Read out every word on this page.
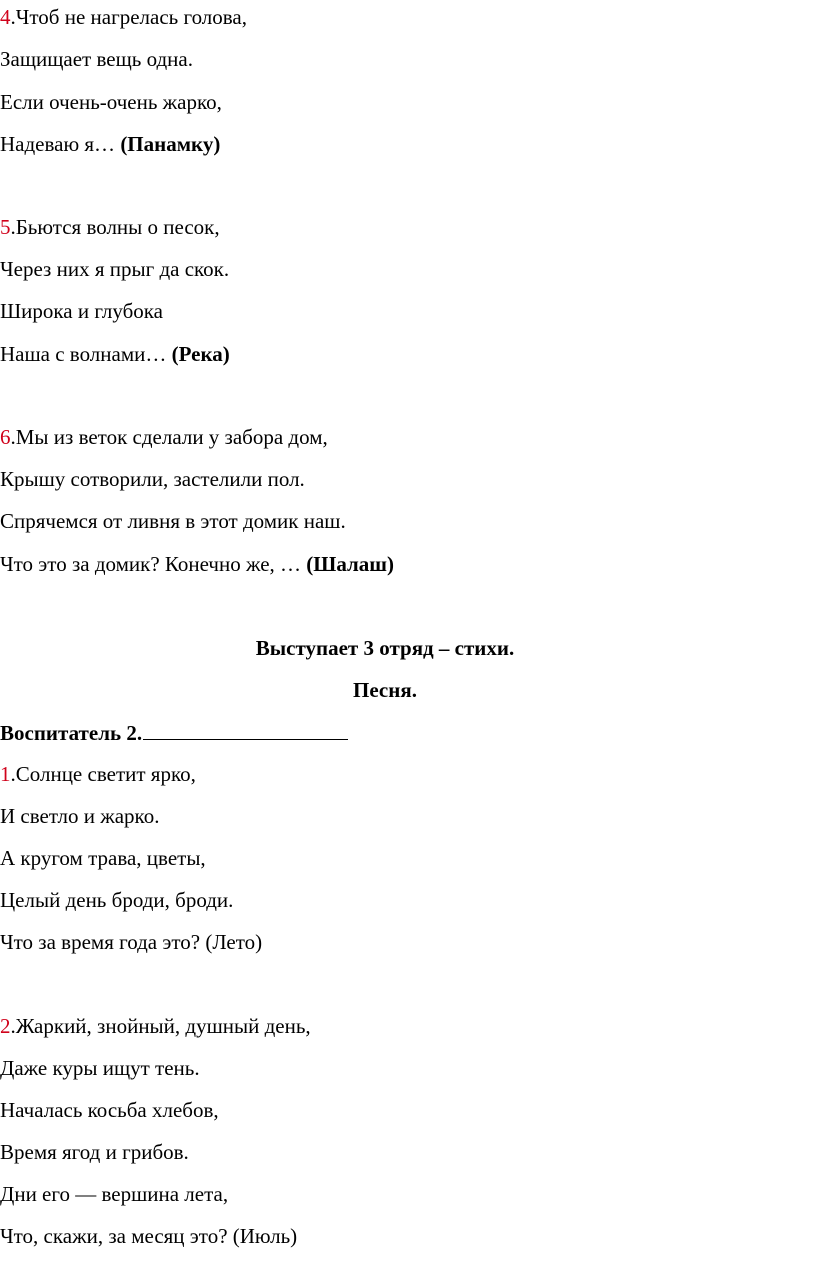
4.Чтоб не нагрелась голова,
Защищает вещь одна.
Если очень-очень жарко,
Надеваю я… (Панамку)
5.Бьются волны о песок,
Через них я прыг да скок.
Широка и глубока
Наша с волнами… (Река)
6.Мы из веток сделали у забора дом,
Крышу сотворили, застелили пол.
Спрячемся от ливня в этот домик наш.
Что это за домик? Конечно же, … (Шалаш)
Выступает 3 отряд – стихи.
Песня.
Воспитатель 2.
1.Солнце светит ярко,
И светло и жарко.
А кругом трава, цветы,
Целый день броди, броди.
Что за время года это? (Лето)
2.Жаркий, знойный, душный день,
Даже куры ищут тень.
Началась косьба хлебов,
Время ягод и грибов.
Дни его — вершина лета,
Что, скажи, за месяц это? (Июль)
